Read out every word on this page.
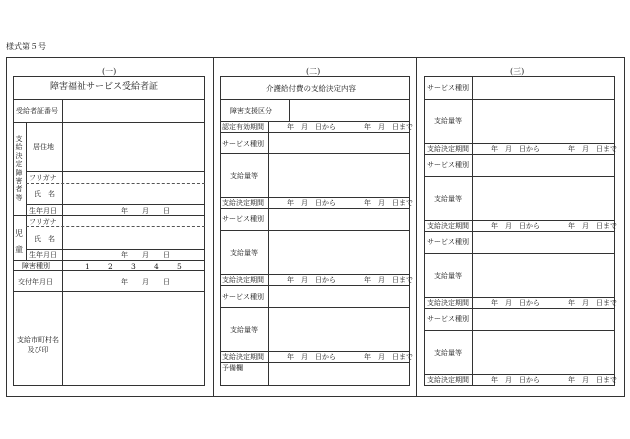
様式第５号
(一)
障害福祉サービス受給者証
受給者証番号
支給決定障害者等
居住地
フリガナ
氏　名
生年月日	年　　月　　日
児童
フリガナ
氏　名
生年月日	年　　月　　日
障害種別	1 2 3 4 5
交付年月日	年　　月　　日
支給市町村名及び印
(二)
介護給付費の支給決定内容
障害支援区分
認定有効期間	年　月　日から　　　　年　月　日まで
サービス種別
支給量等
支給決定期間	年　月　日から　　　　年　月　日まで
サービス種別
支給量等
支給決定期間	年　月　日から　　　　年　月　日まで
サービス種別
支給量等
支給決定期間	年　月　日から　　　　年　月　日まで
予備欄
(三)
サービス種別
支給量等
支給決定期間	年　月　日から　　　　年　月　日まで
サービス種別
支給量等
支給決定期間	年　月　日から　　　　年　月　日まで
サービス種別
支給量等
支給決定期間	年　月　日から　　　　年　月　日まで
サービス種別
支給量等
支給決定期間	年　月　日から　　　　年　月　日まで
